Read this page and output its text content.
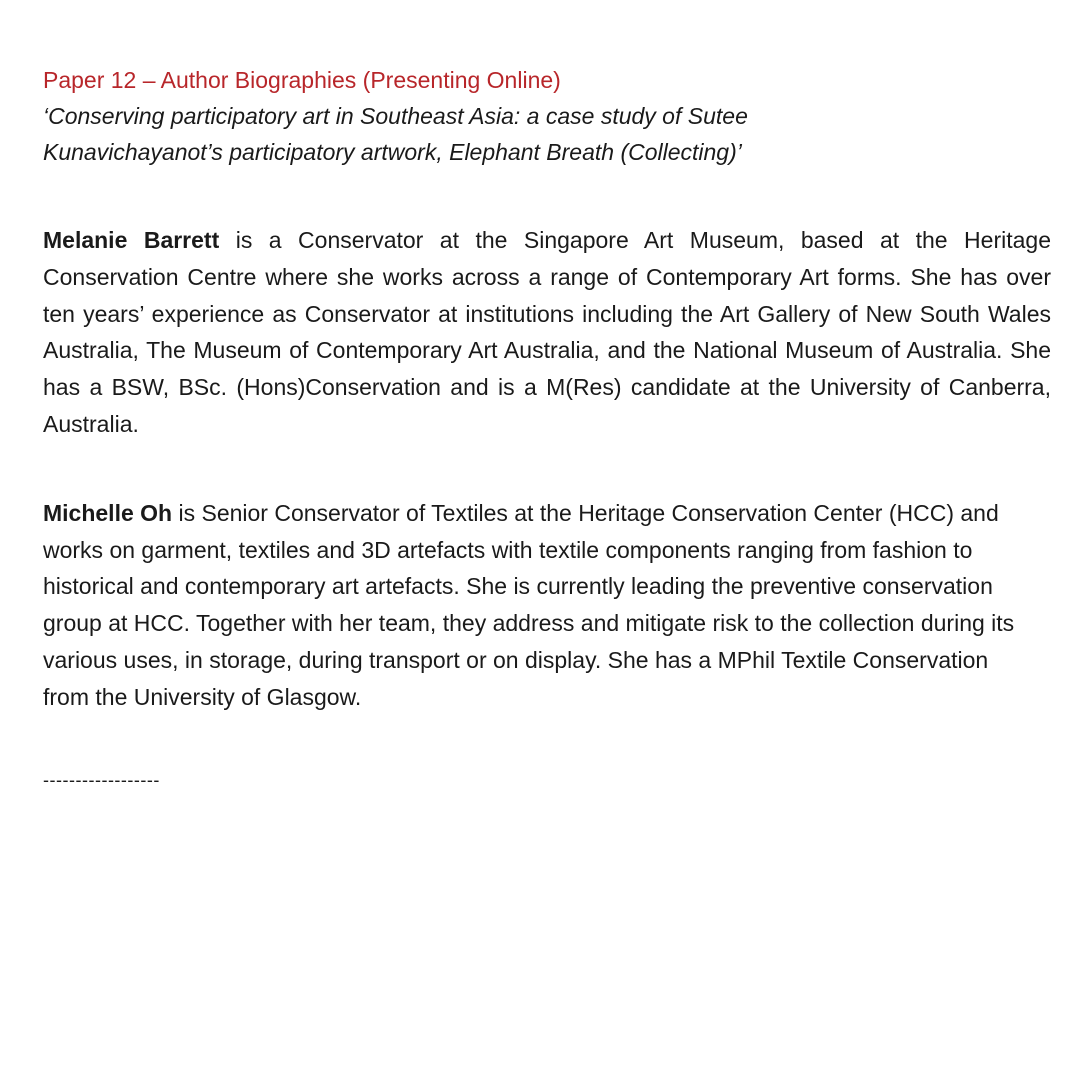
Paper 12 – Author Biographies (Presenting Online)

‘Conserving participatory art in Southeast Asia: a case study of Sutee Kunavichayanot’s participatory artwork, Elephant Breath (Collecting)’

Melanie Barrett is a Conservator at the Singapore Art Museum, based at the Heritage Conservation Centre where she works across a range of Contemporary Art forms. She has over ten years’ experience as Conservator at institutions including the Art Gallery of New South Wales Australia, The Museum of Contemporary Art Australia, and the National Museum of Australia. She has a BSW, BSc. (Hons)Conservation and is a M(Res) candidate at the University of Canberra, Australia.

Michelle Oh is Senior Conservator of Textiles at the Heritage Conservation Center (HCC) and works on garment, textiles and 3D artefacts with textile components ranging from fashion to historical and contemporary art artefacts. She is currently leading the preventive conservation group at HCC. Together with her team, they address and mitigate risk to the collection during its various uses, in storage, during transport or on display. She has a MPhil Textile Conservation from the University of Glasgow.

------------------
